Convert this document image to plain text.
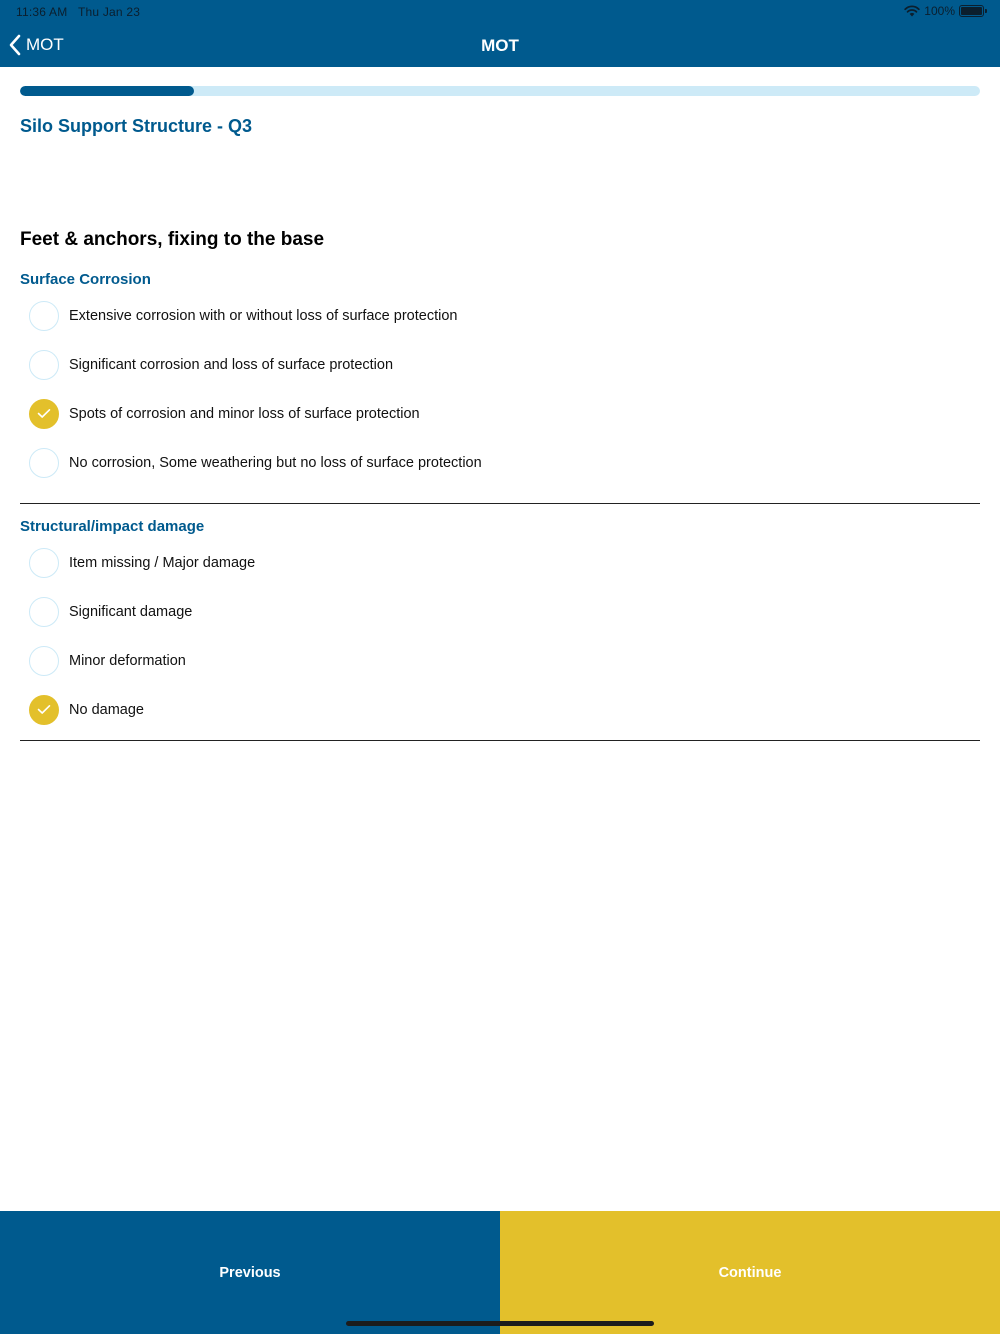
11:36 AM Thu Jan 23	100%
MOT	MOT
Silo Support Structure - Q3
Feet & anchors, fixing to the base
Surface Corrosion
Extensive corrosion with or without loss of surface protection
Significant corrosion and loss of surface protection
Spots of corrosion and minor loss of surface protection
No corrosion, Some weathering but no loss of surface protection
Structural/impact damage
Item missing / Major damage
Significant damage
Minor deformation
No damage
Previous	Continue
